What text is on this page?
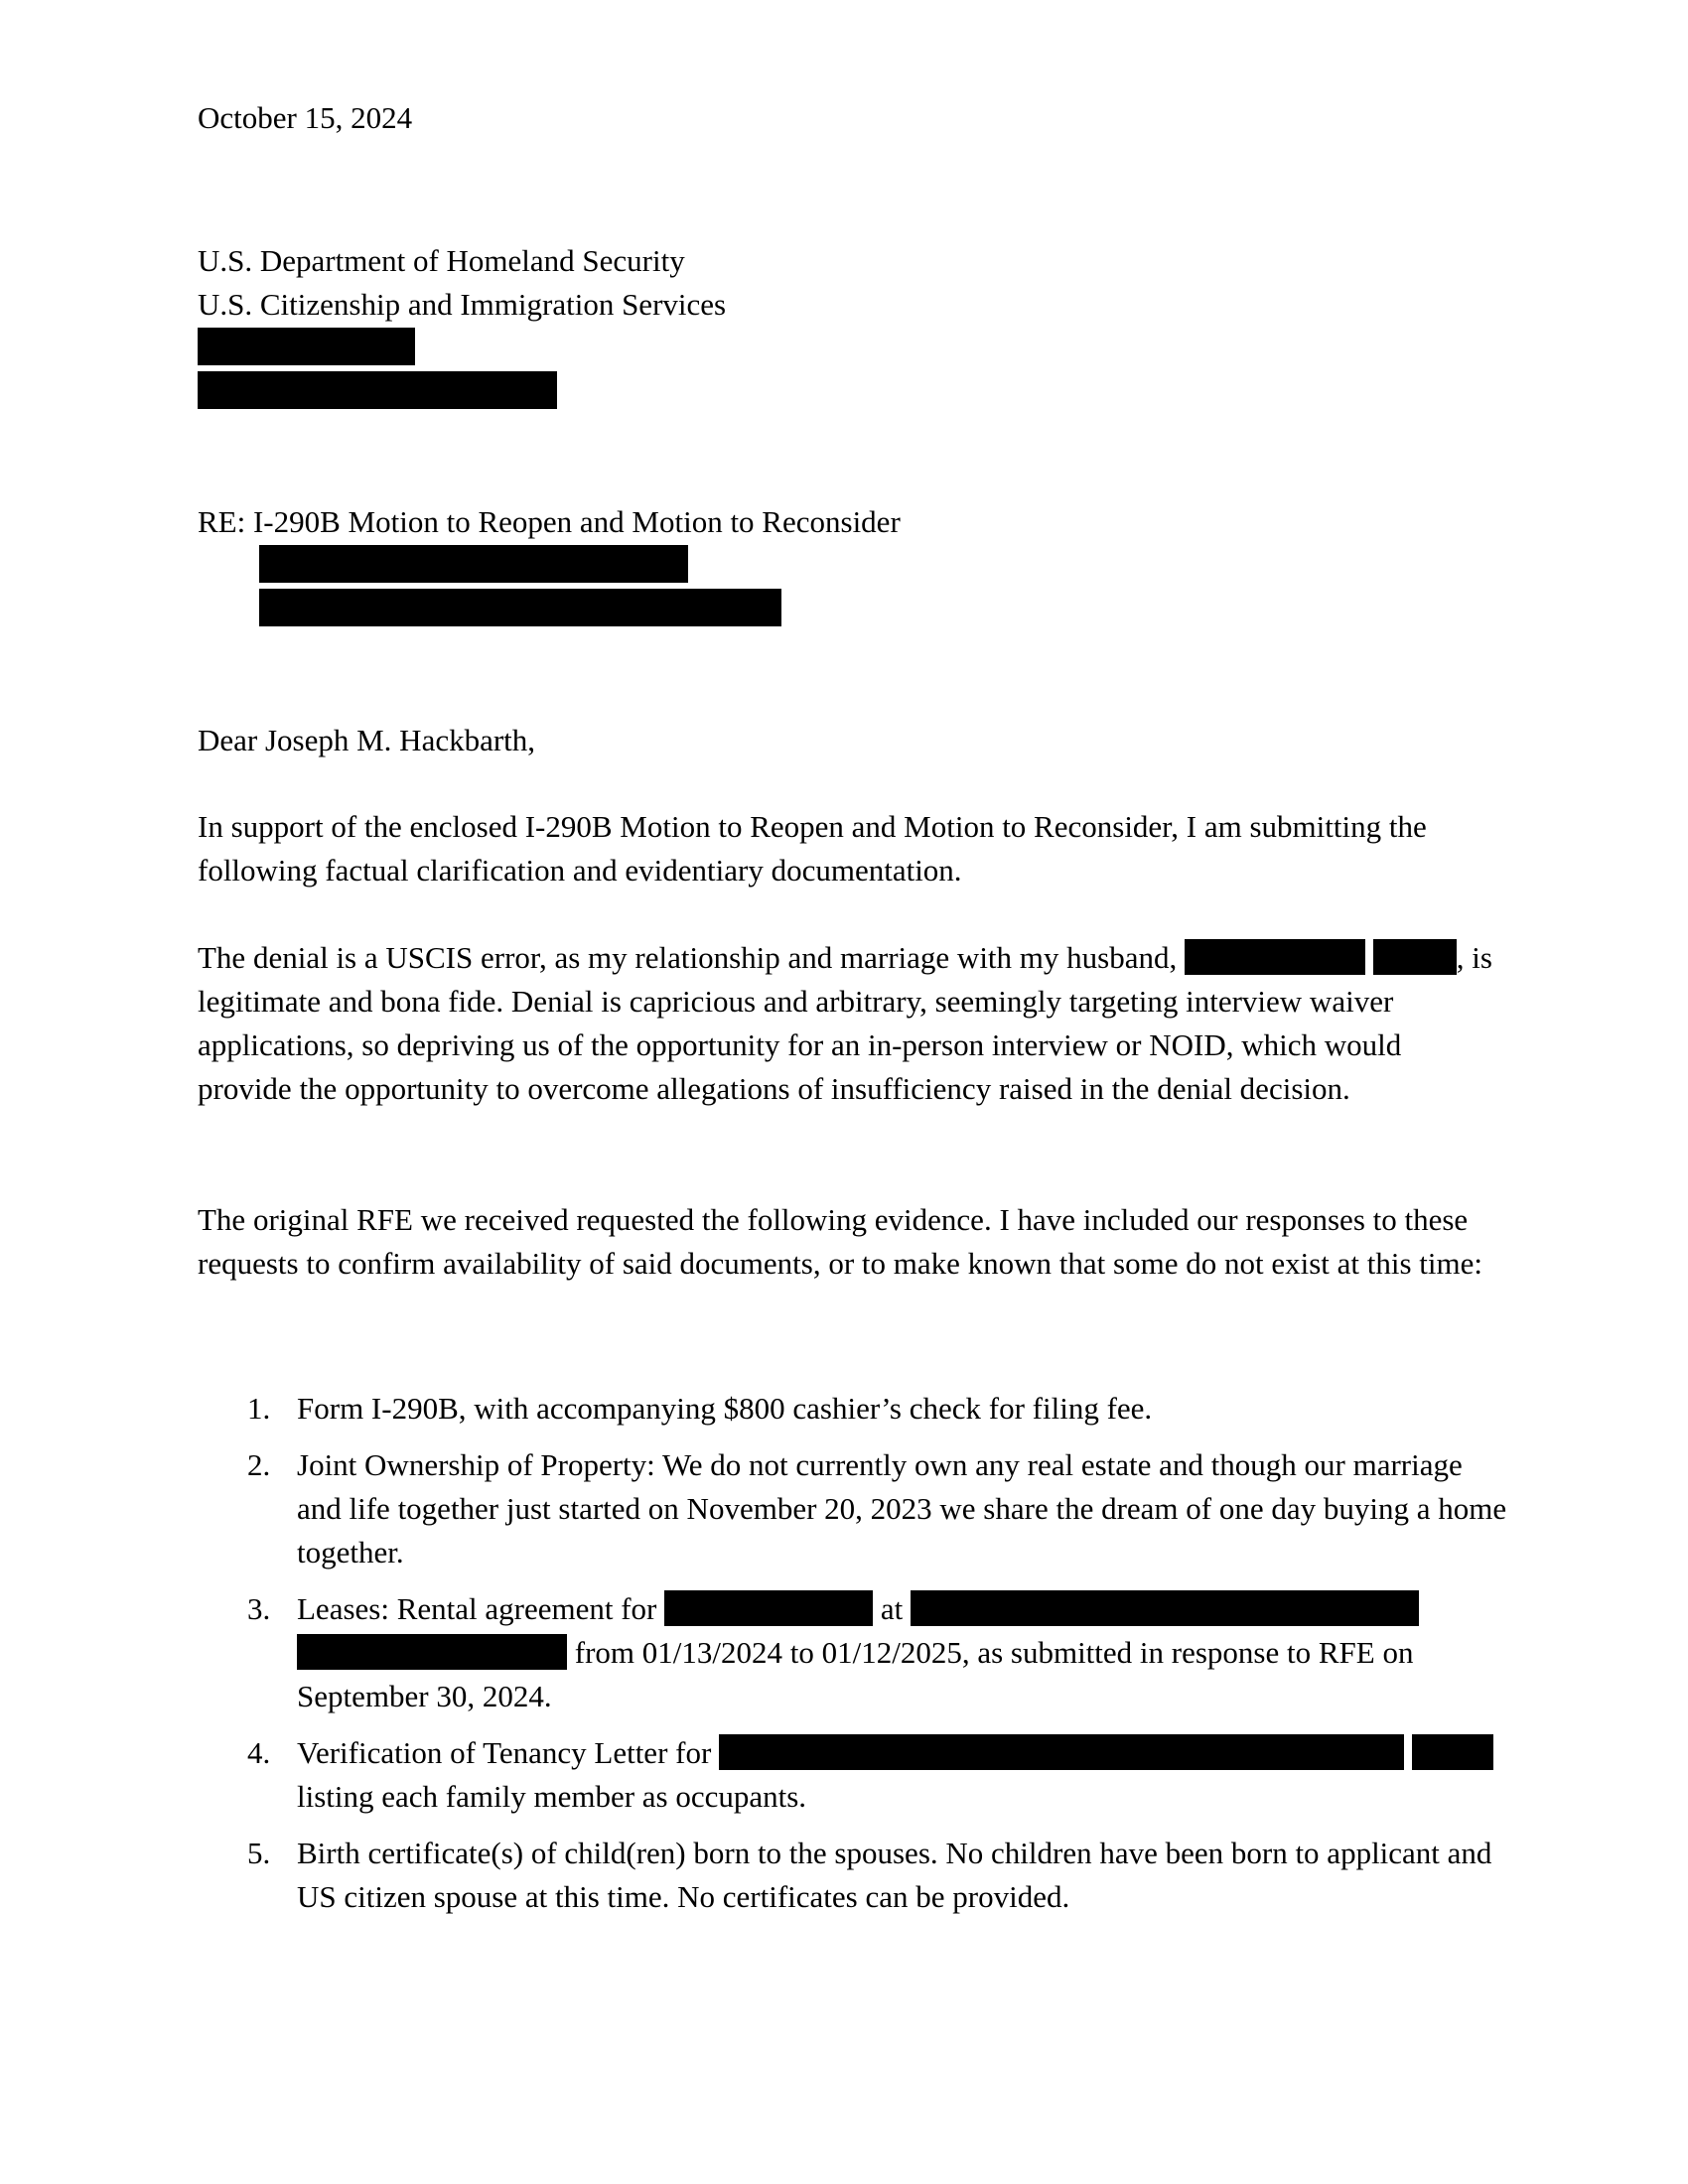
October 15, 2024
U.S. Department of Homeland Security
U.S. Citizenship and Immigration Services
RE: I-290B Motion to Reopen and Motion to Reconsider
Dear Joseph M. Hackbarth,
In support of the enclosed I-290B Motion to Reopen and Motion to Reconsider, I am submitting the following factual clarification and evidentiary documentation.
The denial is a USCIS error, as my relationship and marriage with my husband,	, is legitimate and bona fide. Denial is capricious and arbitrary, seemingly targeting interview waiver applications, so depriving us of the opportunity for an in-person interview or NOID, which would provide the opportunity to overcome allegations of insufficiency raised in the denial decision.
The original RFE we received requested the following evidence. I have included our responses to these requests to confirm availability of said documents, or to make known that some do not exist at this time:
1. Form I-290B, with accompanying $800 cashier’s check for filing fee.
2. Joint Ownership of Property: We do not currently own any real estate and though our marriage and life together just started on November 20, 2023 we share the dream of one day buying a home together.
3. Leases: Rental agreement for	at   from 01/13/2024 to 01/12/2025, as submitted in response to RFE on September 30, 2024.
4. Verification of Tenancy Letter for   listing each family member as occupants.
5. Birth certificate(s) of child(ren) born to the spouses. No children have been born to applicant and US citizen spouse at this time. No certificates can be provided.
